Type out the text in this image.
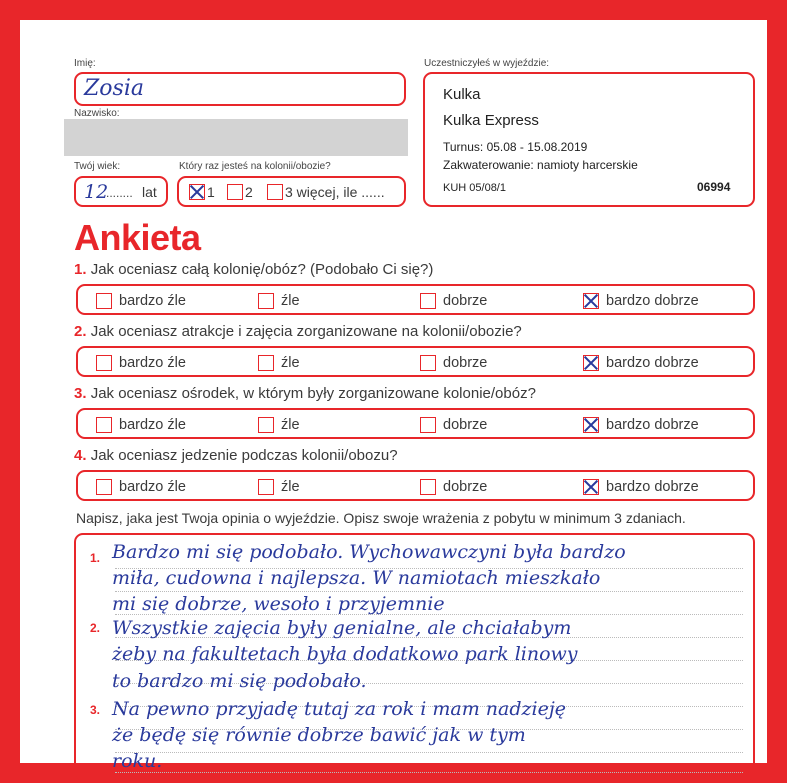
Imię:
Zosia
Nazwisko:
Twój wiek:
12
........ lat
Który raz jesteś na kolonii/obozie?
1 2 3 więcej, ile ......
Uczestniczyłeś w wyjeździe:
Kulka
Kulka Express
Turnus: 05.08 - 15.08.2019
Zakwaterowanie: namioty harcerskie
KUH 05/08/1	06994
Ankieta
1. Jak oceniasz całą kolonię/obóz? (Podobało Ci się?)
bardzo źle	źle	dobrze	bardzo dobrze
2. Jak oceniasz atrakcje i zajęcia zorganizowane na kolonii/obozie?
bardzo źle	źle	dobrze	bardzo dobrze
3. Jak oceniasz ośrodek, w którym były zorganizowane kolonie/obóz?
bardzo źle	źle	dobrze	bardzo dobrze
4. Jak oceniasz jedzenie podczas kolonii/obozu?
bardzo źle	źle	dobrze	bardzo dobrze
Napisz, jaka jest Twoja opinia o wyjeździe. Opisz swoje wrażenia z pobytu w minimum 3 zdaniach.
1.
2.
3.
Bardzo mi się podobało. Wychowawczyni była bardzo
miła, cudowna i najlepsza. W namiotach mieszkało
mi się dobrze, wesoło i przyjemnie
Wszystkie zajęcia były genialne, ale chciałabym
żeby na fakultetach była dodatkowo park linowy
to bardzo mi się podobało.
Na pewno przyjadę tutaj za rok i mam nadzieję
że będę się równie dobrze bawić jak w tym
roku.
